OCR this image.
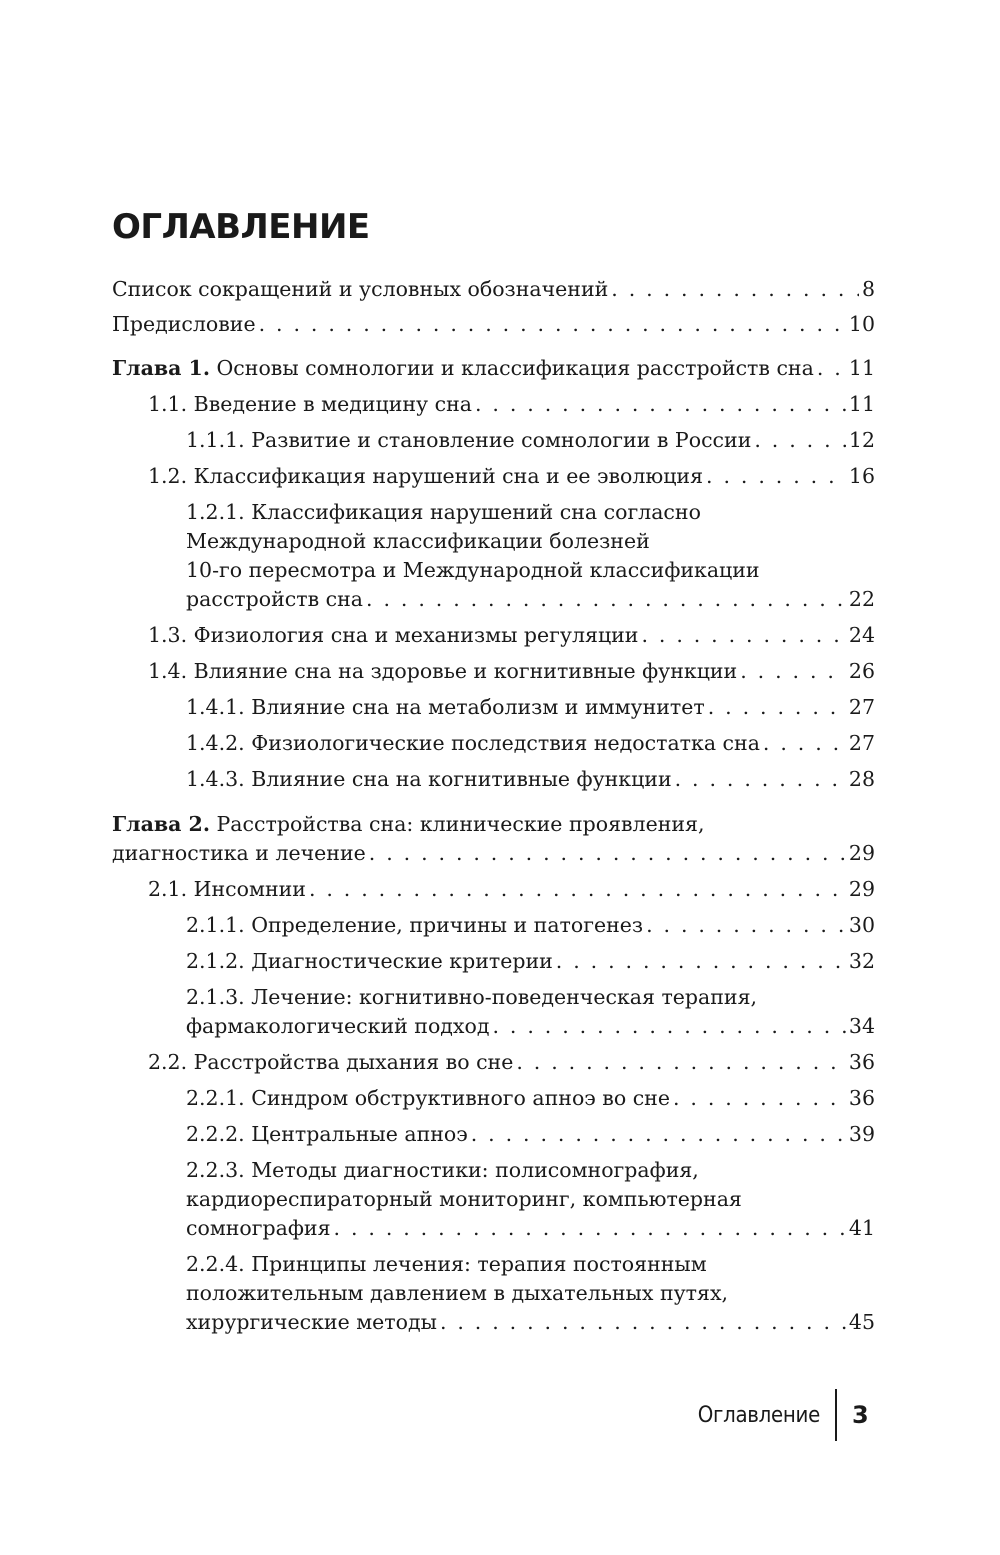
ОГЛАВЛЕНИЕ
Список сокращений и условных обозначений . . .	8
Предисловие . . .	10
Глава 1. Основы сомнологии и классификация расстройств сна . . . 11
1.1. Введение в медицину сна . . .	11
1.1.1. Развитие и становление сомнологии в России . . .	12
1.2. Классификация нарушений сна и ее эволюция . . .	16
1.2.1. Классификация нарушений сна согласно
Международной классификации болезней
10-го пересмотра и Международной классификации
расстройств сна . . .	22
1.3. Физиология сна и механизмы регуляции . . .	24
1.4. Влияние сна на здоровье и когнитивные функции . . .	26
1.4.1. Влияние сна на метаболизм и иммунитет . . .	27
1.4.2. Физиологические последствия недостатка сна . . .	27
1.4.3. Влияние сна на когнитивные функции . . .	28
Глава 2. Расстройства сна: клинические проявления,
диагностика и лечение . . .	29
2.1. Инсомнии . . .	29
2.1.1. Определение, причины и патогенез . . .	30
2.1.2. Диагностические критерии . . .	32
2.1.3. Лечение: когнитивно-поведенческая терапия,
фармакологический подход . . .	34
2.2. Расстройства дыхания во сне . . .	36
2.2.1. Синдром обструктивного апноэ во сне . . .	36
2.2.2. Центральные апноэ . . .	39
2.2.3. Методы диагностики: полисомнография,
кардиореспираторный мониторинг, компьютерная
сомнография . . .	41
2.2.4. Принципы лечения: терапия постоянным
положительным давлением в дыхательных путях,
хирургические методы . . .	45
Оглавление 3
